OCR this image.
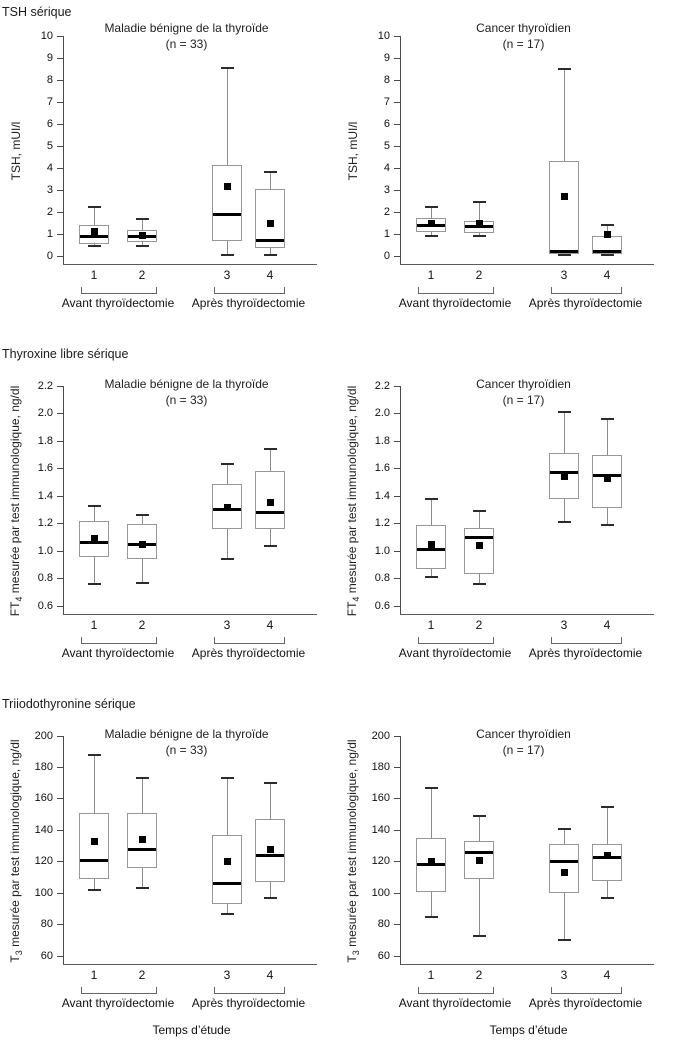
TSH sérique
Maladie bénigne de la thyroïde
(n = 33)
TSH, mUI/l
10
9
8
7
6
5
4
3
2
1
0
1	2	3	4
Avant thyroïdectomie Après thyroïdectomie
Cancer thyroïdien
(n = 17)
TSH, mUI/l
10
9
8
7
6
5
4
3
2
1
0
1	2	3	4
Avant thyroïdectomie Après thyroïdectomie
Thyroxine libre sérique
Maladie bénigne de la thyroïde
(n = 33)
$FT_4$ mesurée par test immunologique, ng/dl	2.2
2.0
1.8
1.6
1.4
1.2
1.0
0.8
0.6
1	2	3	4
Avant thyroïdectomie Après thyroïdectomie
Cancer thyroïdien
(n = 17)
$FT_4$ mesurée par test immunologique, ng/dl	2.2
2.0
1.8
1.6
1.4
1.2
1.0
0.8
0.6
1	2	3	4
Avant thyroïdectomie Après thyroïdectomie
Triiodothyronine sérique
Maladie bénigne de la thyroïde
(n = 33)
$T_3$ mesurée par test immunologique, ng/dl
200
180
160
140
120
100
80
60
1	2	3	4
Avant thyroïdectomie Après thyroïdectomie
Temps d’étude
Cancer thyroïdien
(n = 17)
$T_3$ mesurée par test immunologique, ng/dl
200
180
160
140
120
100
80
60
1	2	3	4
Avant thyroïdectomie Après thyroïdectomie
Temps d’étude
